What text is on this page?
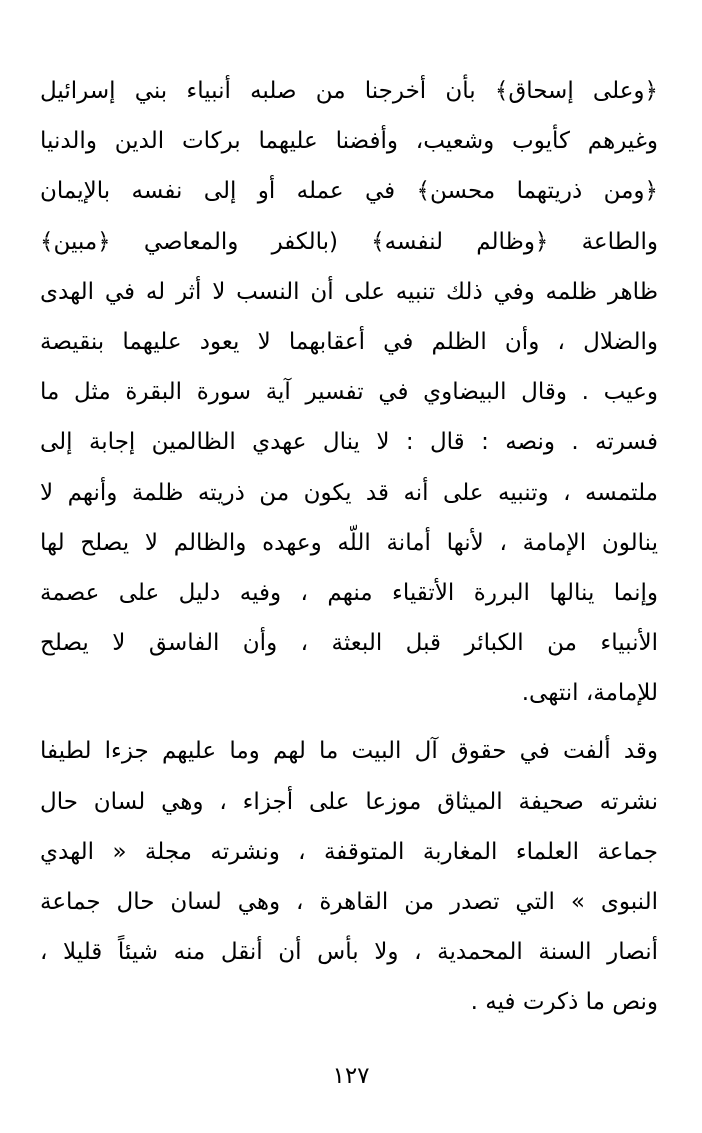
﴿وعلى إسحاق﴾ بأن أخرجنا من صلبه أنبياء بني إسرائيل
وغيرهم كأيوب وشعيب، وأفضنا عليهما بركات الدين والدنيا
﴿ومن ذريتهما محسن﴾ في عمله أو إلى نفسه بالإيمان
والطاعة ﴿وظالم لنفسه﴾ (بالكفر والمعاصي ﴿مبين﴾
ظاهر ظلمه وفي ذلك تنبيه على أن النسب لا أثر له في الهدى
والضلال ، وأن الظلم في أعقابهما لا يعود عليهما بنقيصة
وعيب . وقال البيضاوي في تفسير آية سورة البقرة مثل ما
فسرته . ونصه : قال : لا ينال عهدي الظالمين إجابة إلى
ملتمسه ، وتنبيه على أنه قد يكون من ذريته ظلمة وأنهم لا
ينالون الإمامة ، لأنها أمانة اللّه وعهده والظالم لا يصلح لها
وإنما ينالها البررة الأتقياء منهم ، وفيه دليل على عصمة
الأنبياء من الكبائر قبل البعثة ، وأن الفاسق لا يصلح
للإمامة، انتهى.
وقد ألفت في حقوق آل البيت ما لهم وما عليهم جزءا لطيفا
نشرته صحيفة الميثاق موزعا على أجزاء ، وهي لسان حال
جماعة العلماء المغاربة المتوقفة ، ونشرته مجلة « الهدي
النبوى » التي تصدر من القاهرة ، وهي لسان حال جماعة
أنصار السنة المحمدية ، ولا بأس أن أنقل منه شيئاً قليلا ،
ونص ما ذكرت فيه .
١٢٧
